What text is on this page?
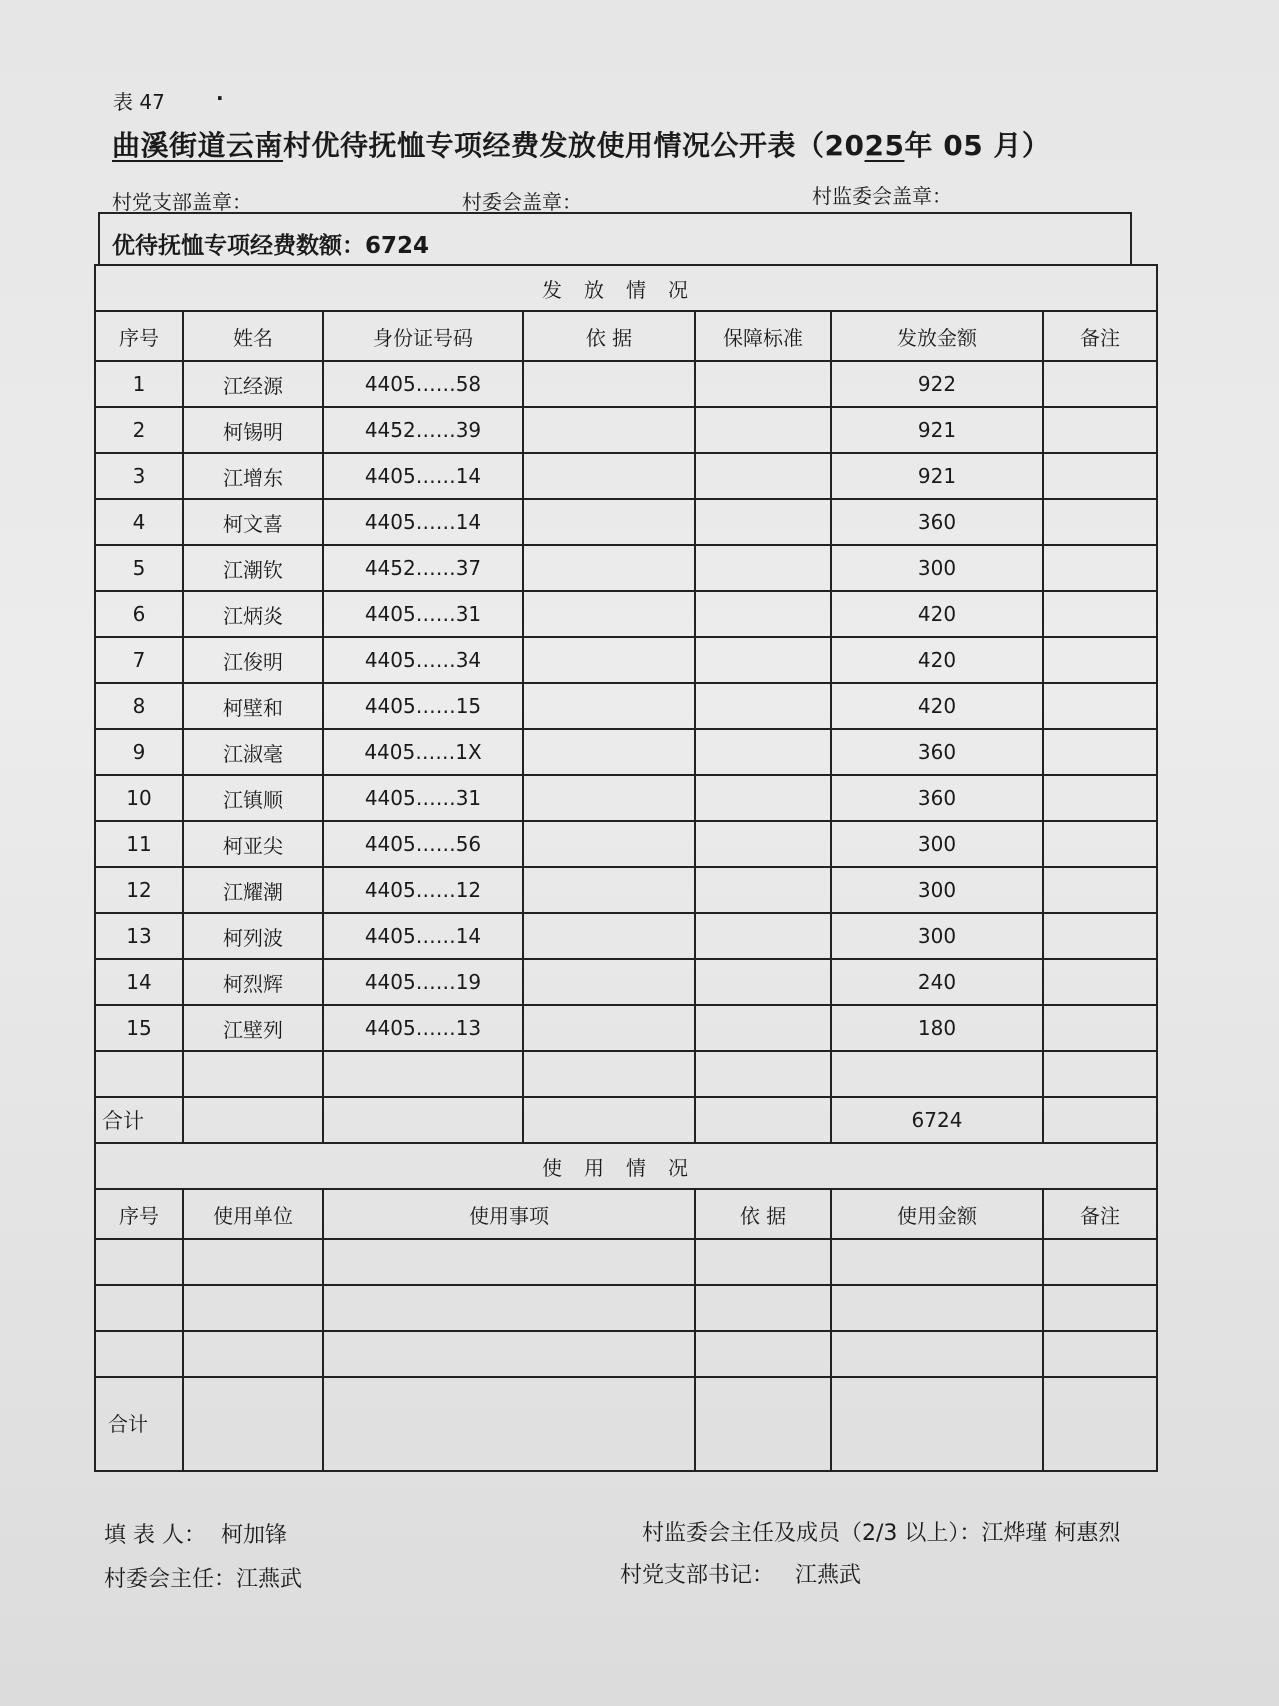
表 47	·
曲溪街道云南村优待抚恤专项经费发放使用情况公开表（2025年 05 月）
村党支部盖章：	村委会盖章：	村监委会盖章：
优待抚恤专项经费数额：6724
发放情况						
序号	姓名	身份证号码	依 据	保障标准	发放金额	备注
1	江经源	4405……58			922	
2	柯锡明	4452……39			921	
3	江增东	4405……14			921	
4	柯文喜	4405……14			360	
5	江潮钦	4452……37			300	
6	江炳炎	4405……31			420	
7	江俊明	4405……34			420	
8	柯壁和	4405……15			420	
9	江淑毫	4405……1X			360	
10	江镇顺	4405……31			360	
11	柯亚尖	4405……56			300	
12	江耀潮	4405……12			300	
13	柯列波	4405……14			300	
14	柯烈辉	4405……19			240	
15	江壁列	4405……13			180	

合计					6724	
使用情况						
序号	使用单位	使用事项		依 据	使用金额	备注

合计						
填 表 人： 柯加锋	村监委会主任及成员（2/3 以上）：江烨瑾 柯惠烈
村委会主任：江燕武	村党支部书记： 江燕武
